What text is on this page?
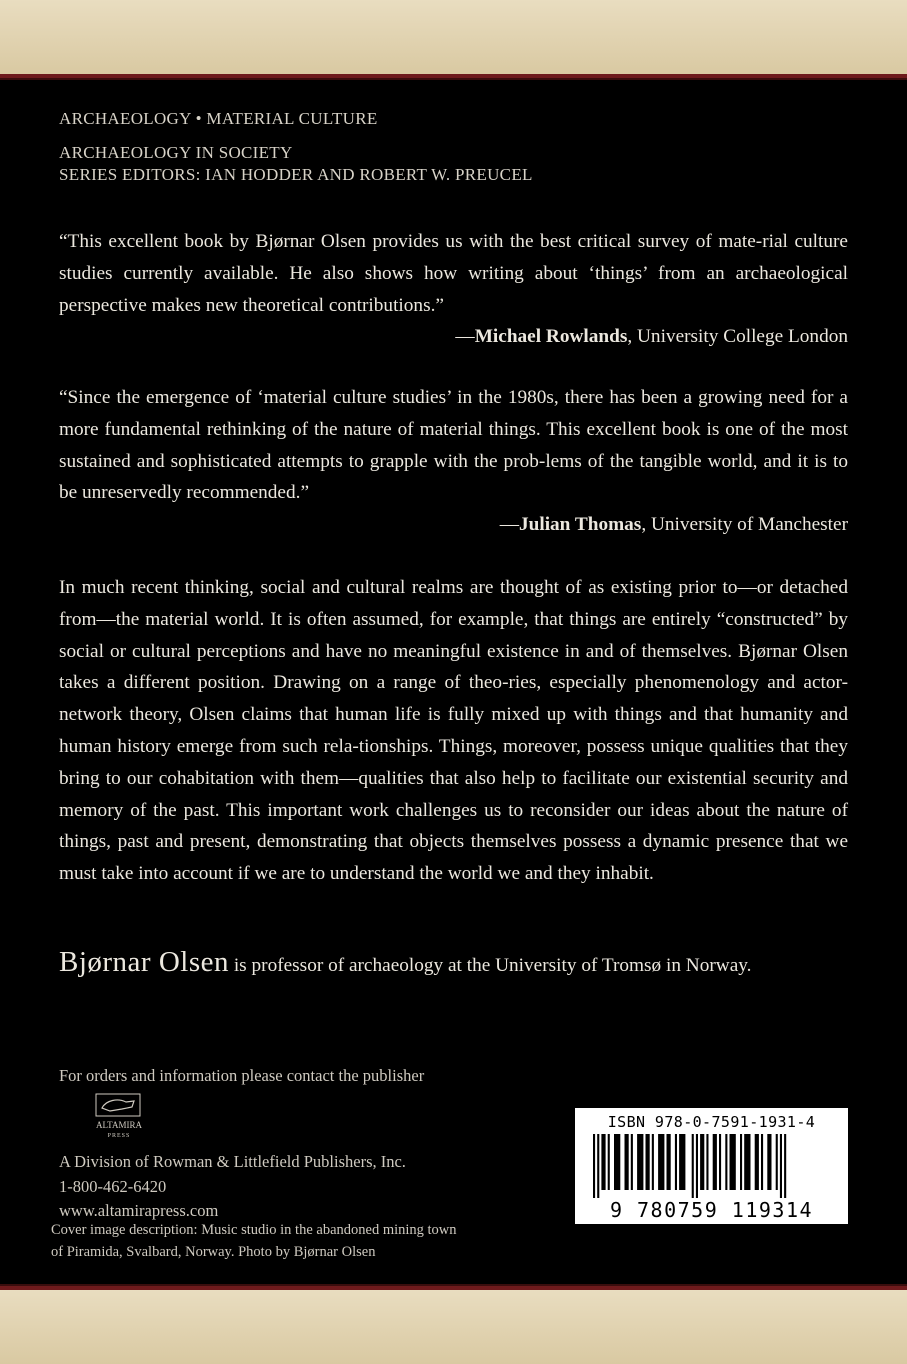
ARCHAEOLOGY • MATERIAL CULTURE
ARCHAEOLOGY IN SOCIETY
SERIES EDITORS: IAN HODDER AND ROBERT W. PREUCEL
“This excellent book by Bjørnar Olsen provides us with the best critical survey of mate-rial culture studies currently available. He also shows how writing about ‘things’ from an archaeological perspective makes new theoretical contributions.”
—Michael Rowlands, University College London
“Since the emergence of ‘material culture studies’ in the 1980s, there has been a growing need for a more fundamental rethinking of the nature of material things. This excellent book is one of the most sustained and sophisticated attempts to grapple with the prob-lems of the tangible world, and it is to be unreservedly recommended.”
—Julian Thomas, University of Manchester
In much recent thinking, social and cultural realms are thought of as existing prior to—or detached from—the material world. It is often assumed, for example, that things are entirely “constructed” by social or cultural perceptions and have no meaningful existence in and of themselves. Bjørnar Olsen takes a different position. Drawing on a range of theo-ries, especially phenomenology and actor-network theory, Olsen claims that human life is fully mixed up with things and that humanity and human history emerge from such rela-tionships. Things, moreover, possess unique qualities that they bring to our cohabitation with them—qualities that also help to facilitate our existential security and memory of the past. This important work challenges us to reconsider our ideas about the nature of things, past and present, demonstrating that objects themselves possess a dynamic presence that we must take into account if we are to understand the world we and they inhabit.
Bjørnar Olsen is professor of archaeology at the University of Tromsø in Norway.
For orders and information please contact the publisher
ALTAMIRA
PRESS
A Division of Rowman & Littlefield Publishers, Inc.
1-800-462-6420
www.altamirapress.com
Cover image description: Music studio in the abandoned mining town
of Piramida, Svalbard, Norway. Photo by Bjørnar Olsen
ISBN 978-0-7591-1931-4
9 780759 119314
